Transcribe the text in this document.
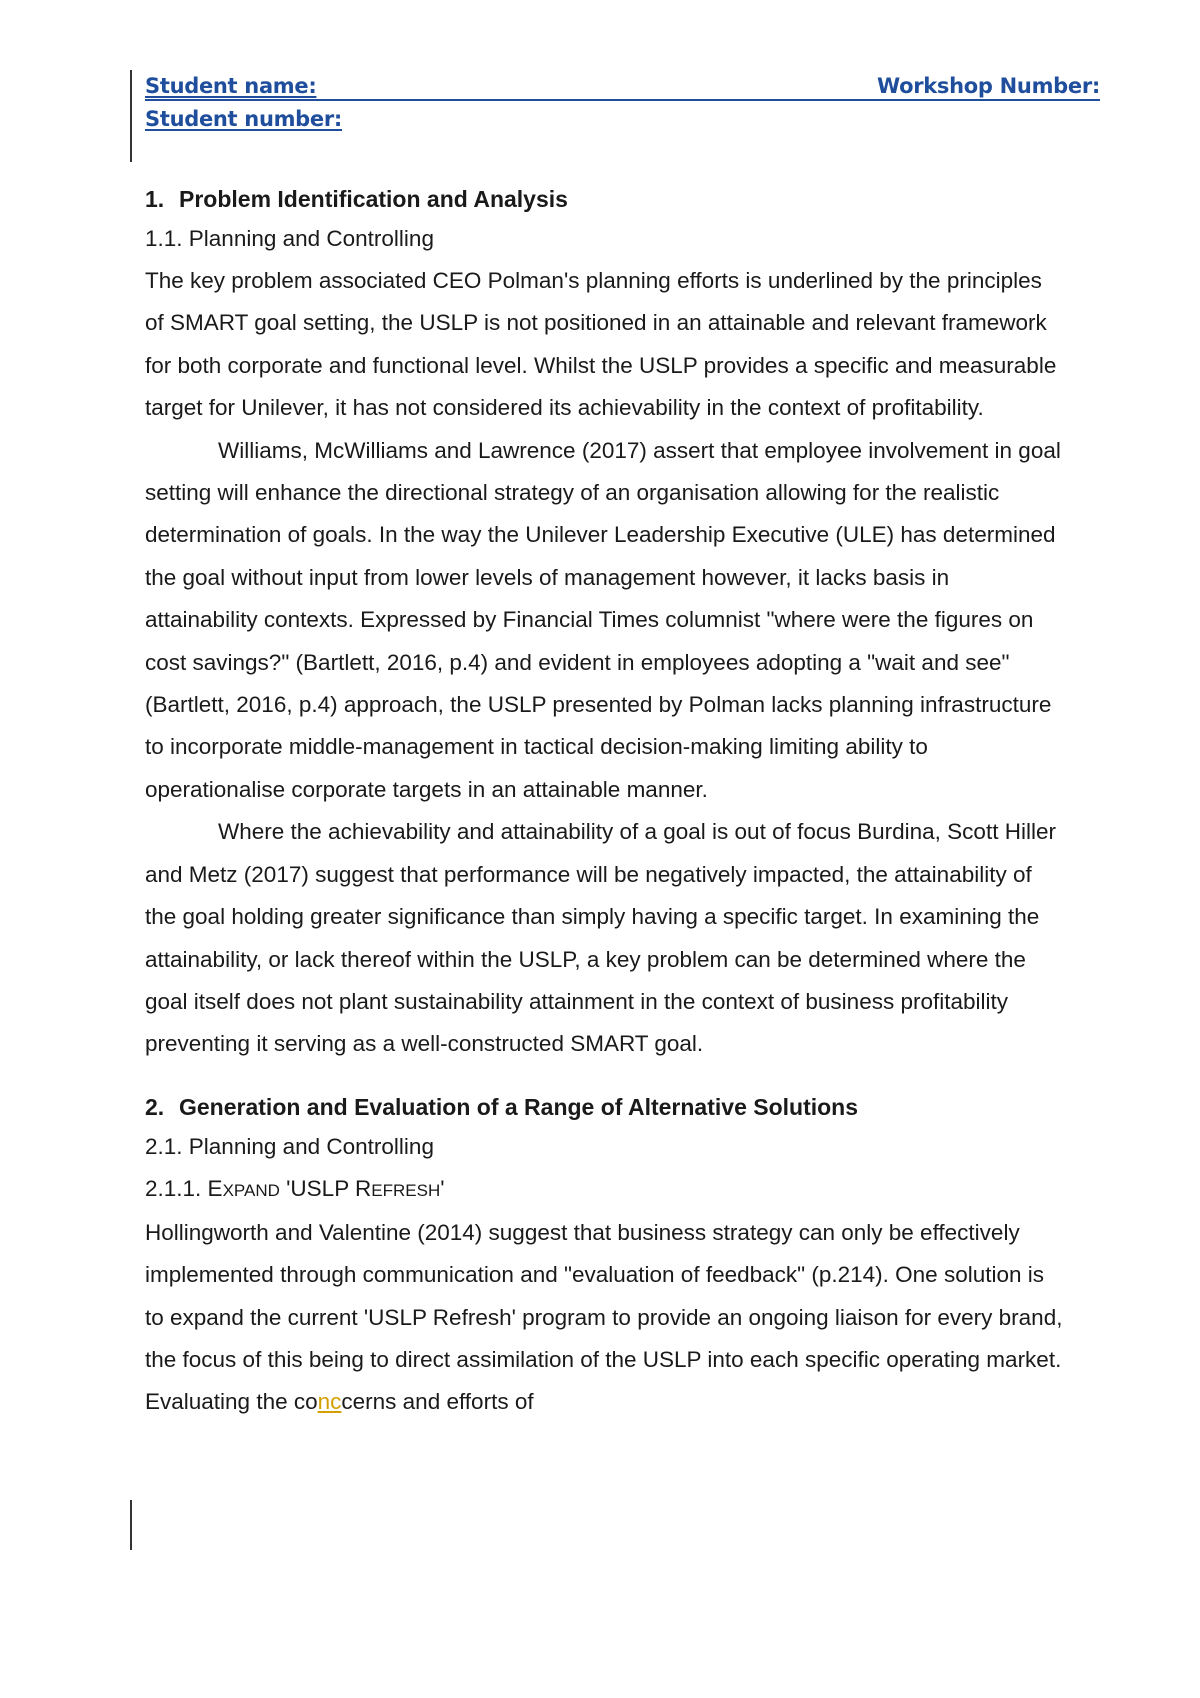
Student name:	Workshop Number:
Student number:
1. Problem Identification and Analysis
1.1. Planning and Controlling

The key problem associated CEO Polman's planning efforts is underlined by the principles of SMART goal setting, the USLP is not positioned in an attainable and relevant framework for both corporate and functional level. Whilst the USLP provides a specific and measurable target for Unilever, it has not considered its achievability in the context of profitability.

Williams, McWilliams and Lawrence (2017) assert that employee involvement in goal setting will enhance the directional strategy of an organisation allowing for the realistic determination of goals. In the way the Unilever Leadership Executive (ULE) has determined the goal without input from lower levels of management however, it lacks basis in attainability contexts. Expressed by Financial Times columnist "where were the figures on cost savings?" (Bartlett, 2016, p.4) and evident in employees adopting a "wait and see" (Bartlett, 2016, p.4) approach, the USLP presented by Polman lacks planning infrastructure to incorporate middle-management in tactical decision-making limiting ability to operationalise corporate targets in an attainable manner.

Where the achievability and attainability of a goal is out of focus Burdina, Scott Hiller and Metz (2017) suggest that performance will be negatively impacted, the attainability of the goal holding greater significance than simply having a specific target. In examining the attainability, or lack thereof within the USLP, a key problem can be determined where the goal itself does not plant sustainability attainment in the context of business profitability preventing it serving as a well-constructed SMART goal.

2. Generation and Evaluation of a Range of Alternative Solutions
2.1. Planning and Controlling
2.1.1. EXPAND 'USLP REFRESH'

Hollingworth and Valentine (2014) suggest that business strategy can only be effectively implemented through communication and "evaluation of feedback" (p.214). One solution is to expand the current 'USLP Refresh' program to provide an ongoing liaison for every brand, the focus of this being to direct assimilation of the USLP into each specific operating market. Evaluating the conccerns and efforts of
